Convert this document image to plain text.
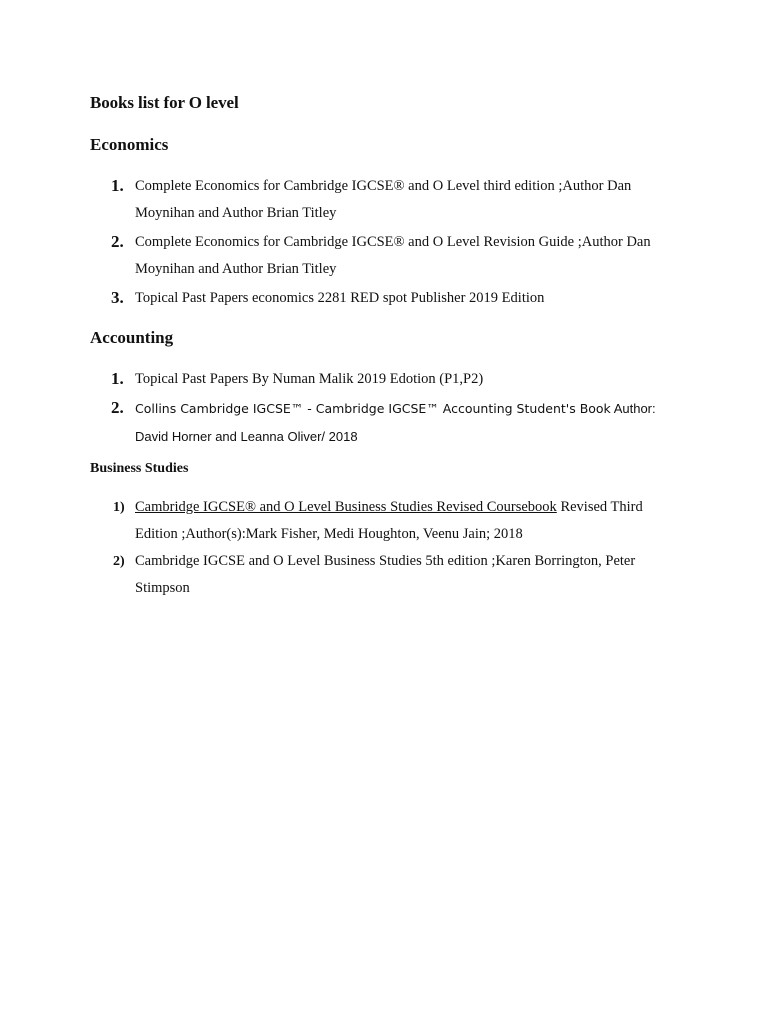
Books list for O level
Economics
1. Complete Economics for Cambridge IGCSE® and O Level third edition ;Author Dan
Moynihan and Author Brian Titley
2. Complete Economics for Cambridge IGCSE® and O Level Revision Guide ;Author Dan
Moynihan and Author Brian Titley
3. Topical Past Papers economics 2281 RED spot Publisher 2019 Edition
Accounting
1. Topical Past Papers By Numan Malik 2019 Edotion (P1,P2)
2. Collins Cambridge IGCSE™ - Cambridge IGCSE™ Accounting Student's Book Author:
David Horner and Leanna Oliver/ 2018
Business Studies
1) Cambridge IGCSE® and O Level Business Studies Revised Coursebook Revised Third
Edition ;Author(s):Mark Fisher, Medi Houghton, Veenu Jain; 2018
2) Cambridge IGCSE and O Level Business Studies 5th edition ;Karen Borrington, Peter
Stimpson
